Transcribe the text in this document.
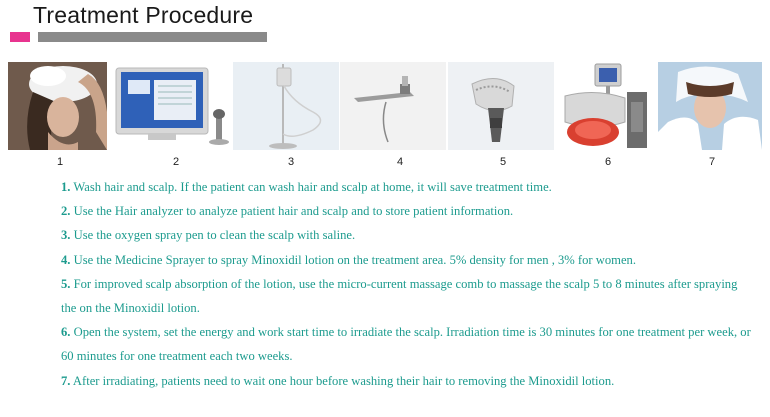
Treatment Procedure
1	2	3	4	5	6	7

1. Wash hair and scalp. If the patient can wash hair and scalp at home, it will save treatment time.

2. Use the Hair analyzer to analyze patient hair and scalp and to store patient information.

3. Use the oxygen spray pen to clean the scalp with saline.

4. Use the Medicine Sprayer to spray Minoxidil lotion on the treatment area. 5% density for men , 3% for women.

5. For improved scalp absorption of the lotion, use the micro-current massage comb to massage the scalp 5 to 8 minutes after spraying the on the Minoxidil lotion.

6. Open the system, set the energy and work start time to irradiate the scalp. Irradiation time is 30 minutes for one treatment per week, or 60 minutes for one treatment each two weeks.

7. After irradiating, patients need to wait one hour before washing their hair to removing the Minoxidil lotion.
